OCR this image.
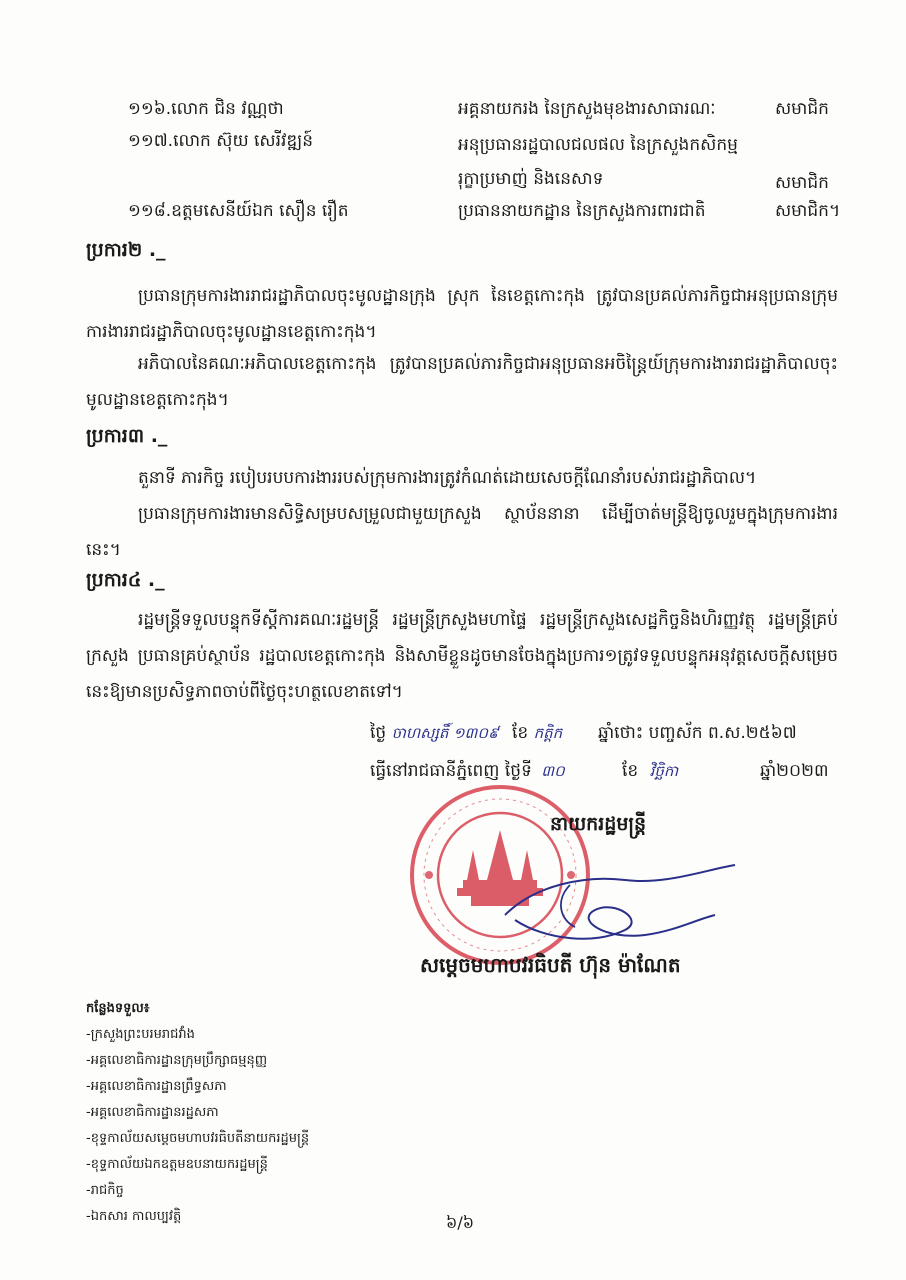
១១៦.លោក ជិន វណ្ណថា	អគ្គនាយករង នៃក្រសួងមុខងារសាធារណៈ	សមាជិក
១១៧.លោក ស៊ុយ សេរីវឌ្ឍន៍	អនុប្រធានរដ្ឋបាលជលផល នៃក្រសួងកសិកម្ម
រុក្ខាប្រមាញ់ និងនេសាទ	សមាជិក
១១៨.ឧត្តមសេនីយ៍ឯក សឿន រឿត	ប្រធាននាយកដ្ឋាន នៃក្រសួងការពារជាតិ	សមាជិក។
ប្រការ២ ._
ប្រធានក្រុមការងាររាជរដ្ឋាភិបាលចុះមូលដ្ឋានក្រុង ស្រុក នៃខេត្តកោះកុង ត្រូវបានប្រគល់ភារកិច្ចជាអនុប្រធានក្រុមការងាររាជរដ្ឋាភិបាលចុះមូលដ្ឋានខេត្តកោះកុង។
អភិបាលនៃគណៈអភិបាលខេត្តកោះកុង ត្រូវបានប្រគល់ភារកិច្ចជាអនុប្រធានអចិន្ត្រៃយ៍ក្រុមការងាររាជរដ្ឋាភិបាលចុះមូលដ្ឋានខេត្តកោះកុង។
ប្រការ៣ ._
តួនាទី ភារកិច្ច របៀបរបបការងាររបស់ក្រុមការងារត្រូវកំណត់ដោយសេចក្តីណែនាំរបស់រាជរដ្ឋាភិបាល។
ប្រធានក្រុមការងារមានសិទ្ធិសម្របសម្រួលជាមួយក្រសួង ស្ថាប័ននានា ដើម្បីចាត់មន្ត្រីឱ្យចូលរួមក្នុងក្រុមការងារនេះ។
ប្រការ៤ ._
រដ្ឋមន្ត្រីទទួលបន្ទុកទីស្តីការគណៈរដ្ឋមន្ត្រី រដ្ឋមន្ត្រីក្រសួងមហាផ្ទៃ រដ្ឋមន្ត្រីក្រសួងសេដ្ឋកិច្ចនិងហិរញ្ញវត្ថុ រដ្ឋមន្ត្រីគ្រប់ក្រសួង ប្រធានគ្រប់ស្ថាប័ន រដ្ឋបាលខេត្តកោះកុង និងសាមីខ្លួនដូចមានចែងក្នុងប្រការ១ត្រូវទទួលបន្ទុកអនុវត្តសេចក្តីសម្រេចនេះឱ្យមានប្រសិទ្ធភាពចាប់ពីថ្ងៃចុះហត្ថលេខាតទៅ។
ថ្ងៃ ចាហស្សតិ៍ ១៣០៩ ខែ កត្តិក ឆ្នាំថោះ បញ្ចស័ក ព.ស.២៥៦៧
ធ្វើនៅរាជធានីភ្នំពេញ ថ្ងៃទី ៣០	ខែ វិច្ឆិកា	ឆ្នាំ២០២៣
នាយករដ្ឋមន្ត្រី
សម្តេចមហាបវរធិបតី ហ៊ុន ម៉ាណែត
កន្លែងទទួល៖
-ក្រសួងព្រះបរមរាជវាំង
-អគ្គលេខាធិការដ្ឋានក្រុមប្រឹក្សាធម្មនុញ្ញ
-អគ្គលេខាធិការដ្ឋានព្រឹទ្ធសភា
-អគ្គលេខាធិការដ្ឋានរដ្ឋសភា
-ខុទ្ទកាល័យសម្តេចមហាបវរធិបតីនាយករដ្ឋមន្ត្រី
-ខុទ្ទកាល័យឯកឧត្តមឧបនាយករដ្ឋមន្ត្រី
-រាជកិច្ច
-ឯកសារ កាលប្បវត្តិ	៦/៦
